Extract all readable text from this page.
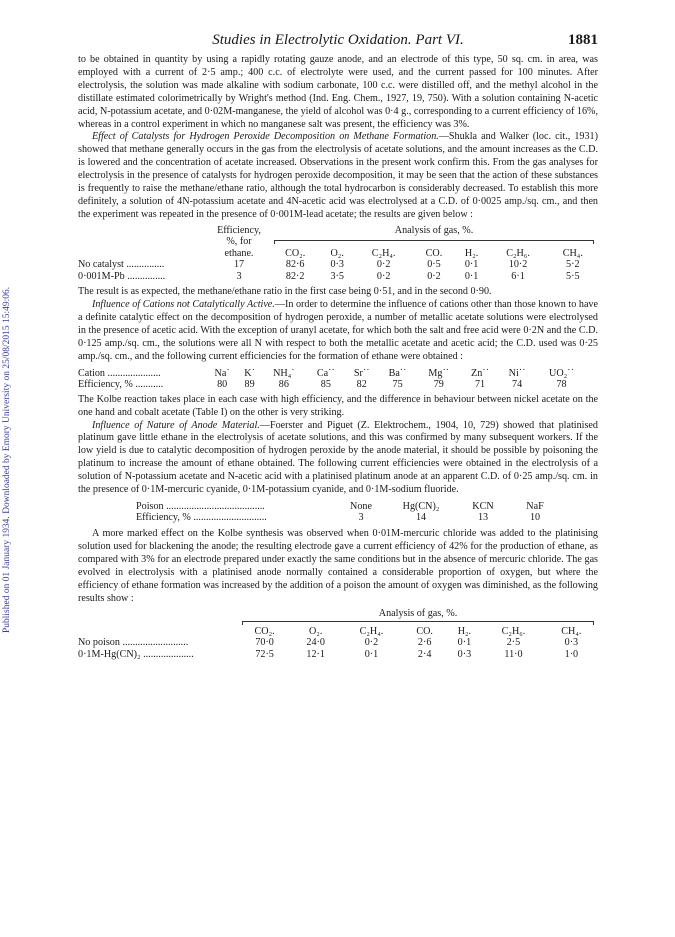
Published on 01 January 1934. Downloaded by Emory University on 25/08/2015 15:49:06.
Studies in Electrolytic Oxidation. Part VI.	1881

to be obtained in quantity by using a rapidly rotating gauze anode, and an electrode of this type, 50 sq. cm. in area, was employed with a current of 2·5 amp.; 400 c.c. of electrolyte were used, and the current passed for 100 minutes. After electrolysis, the solution was made alkaline with sodium carbonate, 100 c.c. were distilled off, and the methyl alcohol in the distillate estimated colorimetrically by Wright's method (Ind. Eng. Chem., 1927, 19, 750). With a solution containing N-acetic acid, N-potassium acetate, and 0·02M-manganese, the yield of alcohol was 0·4 g., corresponding to a current efficiency of 16%, whereas in a control experiment in which no manganese salt was present, the efficiency was 3%.

Effect of Catalysts for Hydrogen Peroxide Decomposition on Methane Formation.—Shukla and Walker (loc. cit., 1931) showed that methane generally occurs in the gas from the electrolysis of acetate solutions, and the amount increases as the C.D. is lowered and the concentration of acetate increased. Observations in the present work confirm this. From the gas analyses for electrolysis in the presence of catalysts for hydrogen peroxide decomposition, it may be seen that the action of these substances is frequently to raise the methane/ethane ratio, although the total hydrocarbon is considerably decreased. To establish this more definitely, a solution of 4N-potassium acetate and 4N-acetic acid was electrolysed at a C.D. of 0·0025 amp./sq. cm., and then the experiment was repeated in the presence of 0·001M-lead acetate; the results are given below :

	Efficiency,	Analysis of gas, %.						
	%, for							

	ethane.	CO₂.	O₂.	C₂H₄.	CO.	H₂.	C₂H₆.	CH₄.
No catalyst ...............	17	82·6	0·3	0·2	0·5	0·1	10·2	5·2
0·001M-Pb ...............	3	82·2	3·5	0·2	0·2	0·1	6·1	5·5

The result is as expected, the methane/ethane ratio in the first case being 0·51, and in the second 0·90.

Influence of Cations not Catalytically Active.—In order to determine the influence of cations other than those known to have a definite catalytic effect on the decomposition of hydrogen peroxide, a number of metallic acetate solutions were electrolysed in the presence of acetic acid. With the exception of uranyl acetate, for which both the salt and free acid were 0·2N and the C.D. 0·125 amp./sq. cm., the solutions were all N with respect to both the metallic acetate and acetic acid; the C.D. used was 0·25 amp./sq. cm., and the following current efficiencies for the formation of ethane were obtained :

Cation .....................	Na˙	K˙	NH₄˙	Ca˙˙	Sr˙˙	Ba˙˙	Mg˙˙	Zn˙˙	Ni˙˙	UO₂˙˙
Efficiency, % ...........	80	89	86	85	82	75	79	71	74	78

The Kolbe reaction takes place in each case with high efficiency, and the difference in behaviour between nickel acetate on the one hand and cobalt acetate (Table I) on the other is very striking.

Influence of Nature of Anode Material.—Foerster and Piguet (Z. Elektrochem., 1904, 10, 729) showed that platinised platinum gave little ethane in the electrolysis of acetate solutions, and this was confirmed by many subsequent workers. If the low yield is due to catalytic decomposition of hydrogen peroxide by the anode material, it should be possible by poisoning the platinum to increase the amount of ethane obtained. The following current efficiencies were obtained in the electrolysis of a solution of N-potassium acetate and N-acetic acid with a platinised platinum anode at an apparent C.D. of 0·25 amp./sq. cm. in the presence of 0·1M-mercuric cyanide, 0·1M-potassium cyanide, and 0·1M-sodium fluoride.

Poison .......................................	None	Hg(CN)₂	KCN	NaF
Efficiency, % .............................	3	14	13	10

A more marked effect on the Kolbe synthesis was observed when 0·01M-mercuric chloride was added to the platinising solution used for blackening the anode; the resulting electrode gave a current efficiency of 42% for the production of ethane, as compared with 3% for an electrode prepared under exactly the same conditions but in the absence of mercuric chloride. The gas evolved in electrolysis with a platinised anode normally contained a considerable proportion of oxygen, but where the efficiency of ethane formation was increased by the addition of a poison the amount of oxygen was diminished, as the following results show :

	Analysis of gas, %.						

	CO₂.	O₂.	C₂H₄.	CO.	H₂.	C₂H₆.	CH₄.
No poison ..........................	70·0	24·0	0·2	2·6	0·1	2·5	0·3
0·1M-Hg(CN)₂ ....................	72·5	12·1	0·1	2·4	0·3	11·0	1·0
